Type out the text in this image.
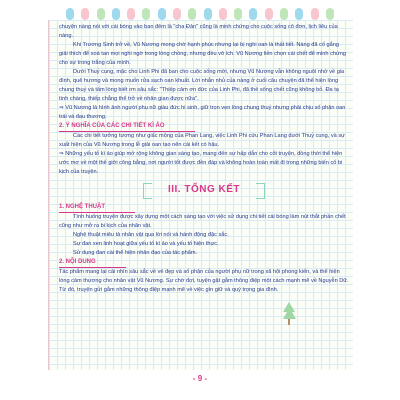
chuyện nàng nói với cái bóng vào ban đêm là "cha Đản" cũng là minh chứng cho cuộc sống cô đơn, lịch liêu của nàng.

Khi Trương Sinh trở về, Vũ Nương mong chờ hạnh phúc nhưng lại bị nghi oan là thất tiết. Nàng đã cố gắng giải thích để xoá tan mọi nghi ngờ trong lòng chồng, nhưng đều vô ích. Vũ Nương liền chọn cái chết để minh chứng cho sự trong trắng của mình.

Dưới Thuỷ cung, mặc cho Linh Phi đã ban cho cuộc sống mới, nhưng Vũ Nương vẫn không nguôi nhớ về gia đình, quê hương và mong muốn rửa sạch oan khuất. Lời nhắn nhủ của nàng ở cuối câu chuyện đã thể hiện lòng chung thuỷ và tấm lòng biết ơn sâu sắc: "Thiếp cảm ơn đức của Linh Phi, đã thề sống chết cũng không bỏ. Đa tạ tình chàng, thiếp chẳng thể trở về nhân gian được nữa".

⇒ Vũ Nương là hình ảnh người phụ nữ giàu đức hi sinh, giữ trọn vẹn lòng chung thuỷ nhưng phải chịu số phận oan trái và đau thương.

2. Ý NGHĨA CỦA CÁC CHI TIẾT KÌ ẢO

Các chi tiết tưởng tượng như giấc mộng của Phan Lang, việc Linh Phi cứu Phan Lang dưới Thuỷ cung, và sự xuất hiện của Vũ Nương trong lễ giải oan tạo nên cái kết có hậu.

⇒ Những yếu tố kì ảo giúp mở rộng không gian sáng tạo, mang đến sự hấp dẫn cho cốt truyện, đồng thời thể hiện ước mơ về một thế giới công bằng, nơi người tốt được đền đáp và không hoàn toàn mất đi trong những biến cố bi kịch của truyện.

III. TỔNG KẾT
1. NGHỆ THUẬT

Tình huống truyện được xây dựng một cách sáng tạo với việc sử dụng chi tiết cái bóng làm nút thắt phần chết cũng như mở ra bi kịch của nhân vật.

Nghệ thuật miêu tả nhân vật qua lời nói và hành động đặc sắc.

Sự đan xen linh hoạt giữa yếu tố kì ảo và yếu tố hiện thực.

Sử dụng đan cài thể hiện nhân đạo của tác phẩm.

2. NỘI DUNG

Tác phẩm mang lại cái nhìn sâu sắc về vẻ đẹp và số phận của người phụ nữ trong xã hội phong kiến, và thể hiện lòng cảm thương cho nhân vật Vũ Nương. Sự chờ đợi, tuyện gặt gắm thông điệp một cách mạnh mẽ về Nguyễn Dữ. Từ đó, truyện gửi gắm những thông điệp mạnh mẽ về việc gìn giữ và quý trọng gia đình.

- 9 -
